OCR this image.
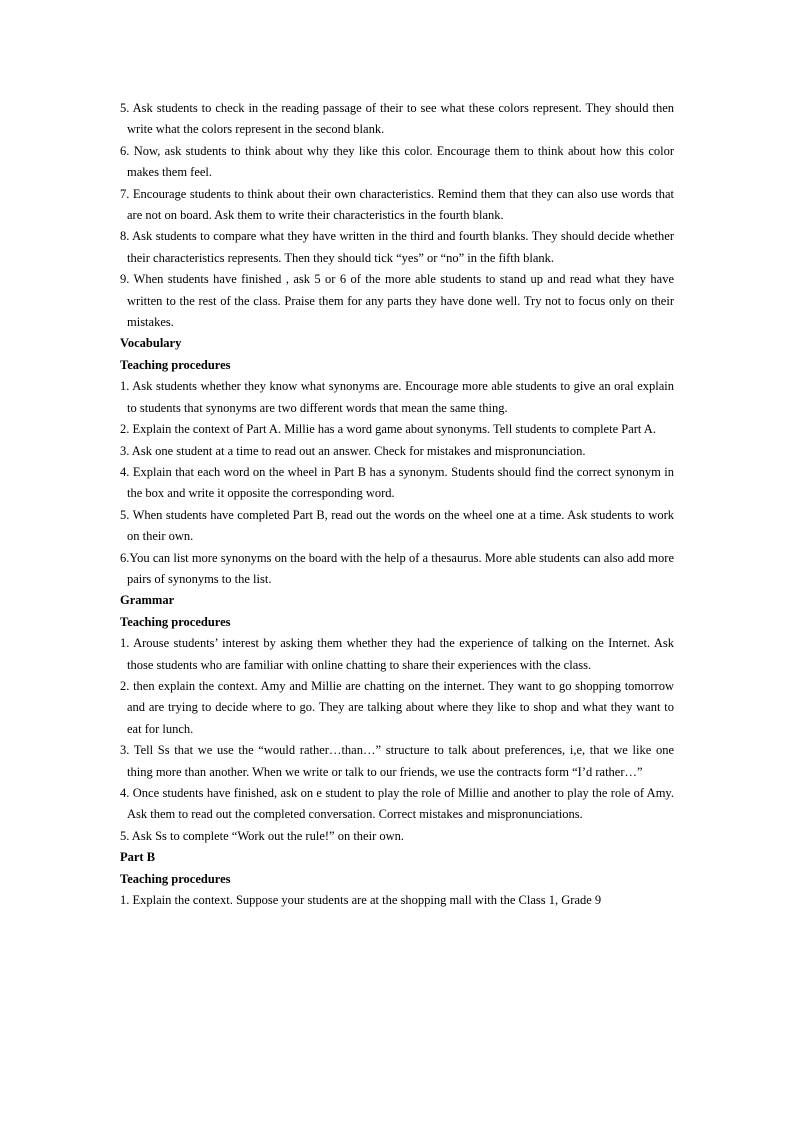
5. Ask students to check in the reading passage of their to see what these colors represent. They should then write what the colors represent in the second blank.
6. Now, ask students to think about why they like this color. Encourage them to think about how this color makes them feel.
7. Encourage students to think about their own characteristics. Remind them that they can also use words that are not on board. Ask them to write their characteristics in the fourth blank.
8. Ask students to compare what they have written in the third and fourth blanks. They should decide whether their characteristics represents. Then they should tick “yes” or “no” in the fifth blank.
9. When students have finished , ask 5 or 6 of the more able students to stand up and read what they have written to the rest of the class. Praise them for any parts they have done well. Try not to focus only on their mistakes.
Vocabulary
Teaching procedures
1. Ask students whether they know what synonyms are. Encourage more able students to give an oral explain to students that synonyms are two different words that mean the same thing.
2. Explain the context of Part A. Millie has a word game about synonyms. Tell students to complete Part A.
3. Ask one student at a time to read out an answer. Check for mistakes and mispronunciation.
4. Explain that each word on the wheel in Part B has a synonym. Students should find the correct synonym in the box and write it opposite the corresponding word.
5. When students have completed Part B, read out the words on the wheel one at a time. Ask students to work on their own.
6.You can list more synonyms on the board with the help of a thesaurus. More able students can also add more pairs of synonyms to the list.
Grammar
Teaching procedures
1. Arouse students’ interest by asking them whether they had the experience of talking on the Internet. Ask those students who are familiar with online chatting to share their experiences with the class.
2. then explain the context. Amy and Millie are chatting on the internet. They want to go shopping tomorrow and are trying to decide where to go. They are talking about where they like to shop and what they want to eat for lunch.
3. Tell Ss that we use the “would rather…than…” structure to talk about preferences, i,e, that we like one thing more than another. When we write or talk to our friends, we use the contracts form “I’d rather…”
4. Once students have finished, ask on e student to play the role of Millie and another to play the role of Amy. Ask them to read out the completed conversation. Correct mistakes and mispronunciations.
5. Ask Ss to complete “Work out the rule!” on their own.
Part B
Teaching procedures
1. Explain the context. Suppose your students are at the shopping mall with the Class 1, Grade 9
